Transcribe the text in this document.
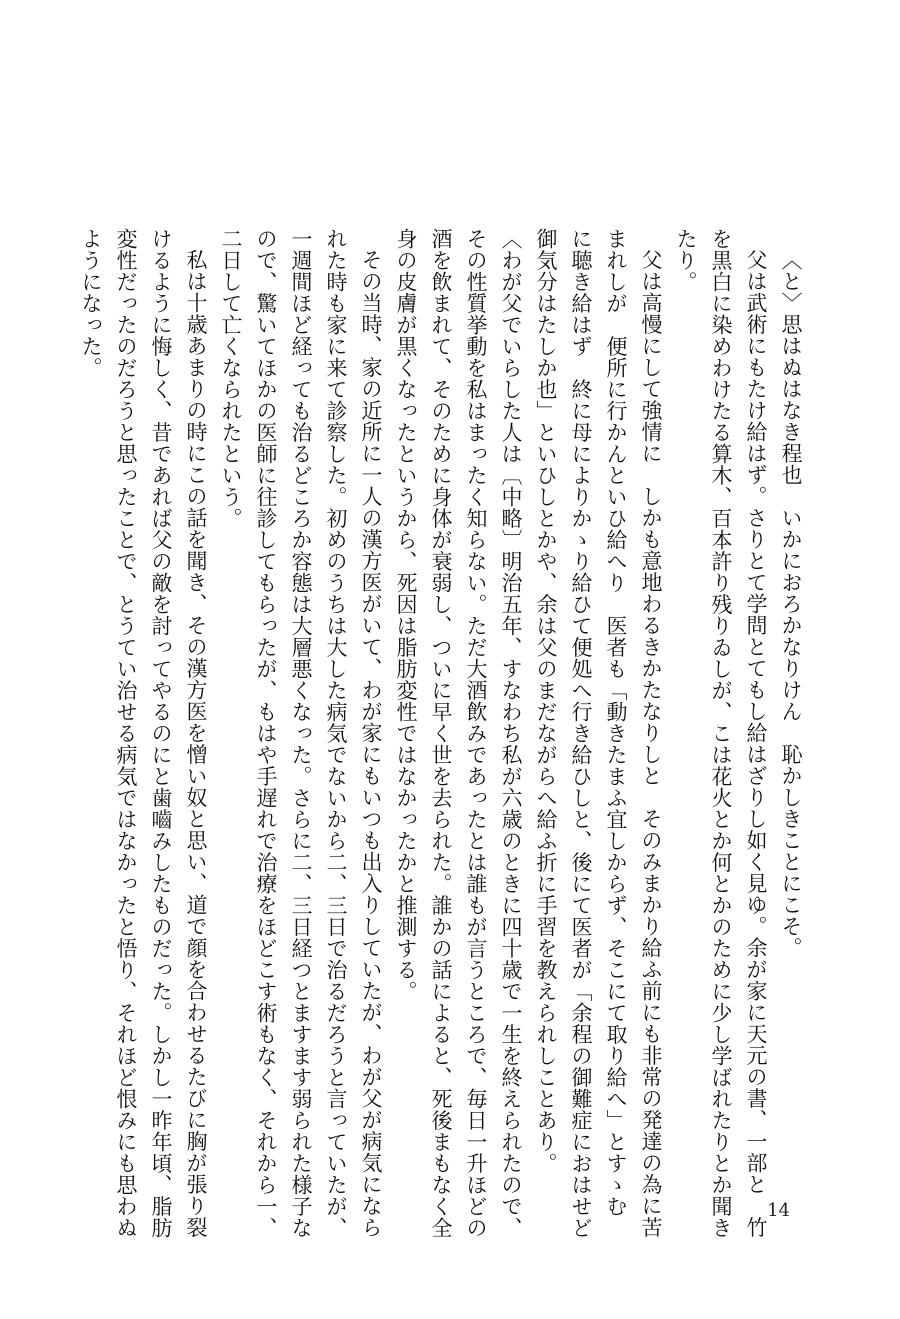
〈と〉思はぬはなき程也　いかにおろかなりけん　恥かしきことにこそ。
父は武術にもたけ給はず。さりとて学問とてもし給はざりし如く見ゆ。余が家に天元の書、一部と　竹
を黒白に染めわけたる算木、百本許り残りゐしが、こは花火とか何とかのために少し学ばれたりとか聞き
たり。
父は高慢にして強情に　しかも意地わるきかたなりしと　そのみまかり給ふ前にも非常の発達の為に苦
まれしが　便所に行かんといひ給へり　医者も「動きたまふ宜しからず、そこにて取り給へ」とすゝむ
に聴き給はず　終に母によりかゝり給ひて便処へ行き給ひしと、後にて医者が「余程の御難症におはせど
御気分はたしか也」といひしとかや、余は父のまだながらへ給ふ折に手習を教えられしことあり。
〈わが父でいらした人は〔中略〕明治五年、すなわち私が六歳のときに四十歳で一生を終えられたので、
その性質挙動を私はまったく知らない。ただ大酒飲みであったとは誰もが言うところで、毎日一升ほどの
酒を飲まれて、そのために身体が衰弱し、ついに早く世を去られた。誰かの話によると、死後まもなく全
身の皮膚が黒くなったというから、死因は脂肪変性ではなかったかと推測する。
その当時、家の近所に一人の漢方医がいて、わが家にもいつも出入りしていたが、わが父が病気になら
れた時も家に来て診察した。初めのうちは大した病気でないから二、三日で治るだろうと言っていたが、
一週間ほど経っても治るどころか容態は大層悪くなった。さらに二、三日経つとますます弱られた様子な
ので、驚いてほかの医師に往診してもらったが、もはや手遅れで治療をほどこす術もなく、それから一、
二日して亡くなられたという。
私は十歳あまりの時にこの話を聞き、その漢方医を憎い奴と思い、道で顔を合わせるたびに胸が張り裂
けるように悔しく、昔であれば父の敵を討ってやるのにと歯嚙みしたものだった。しかし一昨年頃、脂肪
変性だったのだろうと思ったことで、とうてい治せる病気ではなかったと悟り、それほど恨みにも思わぬ
ようになった。
14
